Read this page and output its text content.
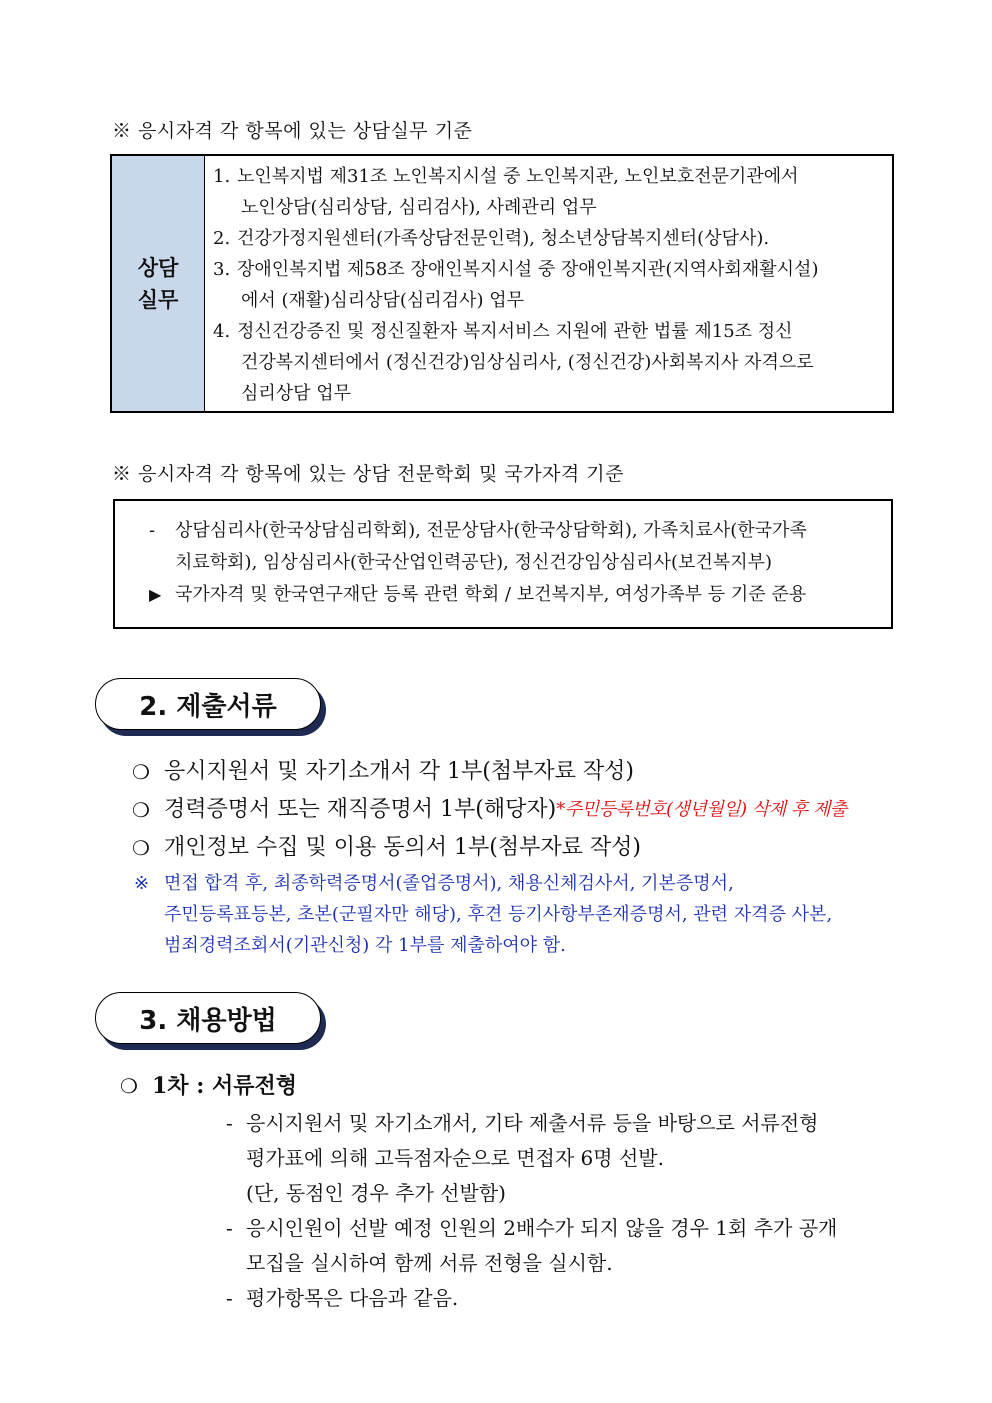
※ 응시자격 각 항목에 있는 상담실무 기준
상담
실무
1. 노인복지법 제31조 노인복지시설 중 노인복지관, 노인보호전문기관에서
노인상담(심리상담, 심리검사), 사례관리 업무
2. 건강가정지원센터(가족상담전문인력), 청소년상담복지센터(상담사).
3. 장애인복지법 제58조 장애인복지시설 중 장애인복지관(지역사회재활시설)
에서 (재활)심리상담(심리검사) 업무
4. 정신건강증진 및 정신질환자 복지서비스 지원에 관한 법률 제15조 정신
건강복지센터에서 (정신건강)임상심리사, (정신건강)사회복지사 자격으로
심리상담 업무
※ 응시자격 각 항목에 있는 상담 전문학회 및 국가자격 기준
-	상담심리사(한국상담심리학회), 전문상담사(한국상담학회), 가족치료사(한국가족
치료학회), 임상심리사(한국산업인력공단), 정신건강임상심리사(보건복지부)
▶ 국가자격 및 한국연구재단 등록 관련 학회 / 보건복지부, 여성가족부 등 기준 준용
2. 제출서류
❍ 응시지원서 및 자기소개서 각 1부(첨부자료 작성)
❍ 경력증명서 또는 재직증명서 1부(해당자) *주민등록번호(생년월일) 삭제 후 제출
❍ 개인정보 수집 및 이용 동의서 1부(첨부자료 작성)
※ 면접 합격 후, 최종학력증명서(졸업증명서), 채용신체검사서, 기본증명서,
주민등록표등본, 초본(군필자만 해당), 후견 등기사항부존재증명서, 관련 자격증 사본,
범죄경력조회서(기관신청) 각 1부를 제출하여야 함.
3. 채용방법
❍ 1차 : 서류전형
- 응시지원서 및 자기소개서, 기타 제출서류 등을 바탕으로 서류전형
평가표에 의해 고득점자순으로 면접자 6명 선발.
(단, 동점인 경우 추가 선발함)
- 응시인원이 선발 예정 인원의 2배수가 되지 않을 경우 1회 추가 공개
모집을 실시하여 함께 서류 전형을 실시함.
- 평가항목은 다음과 같음.
